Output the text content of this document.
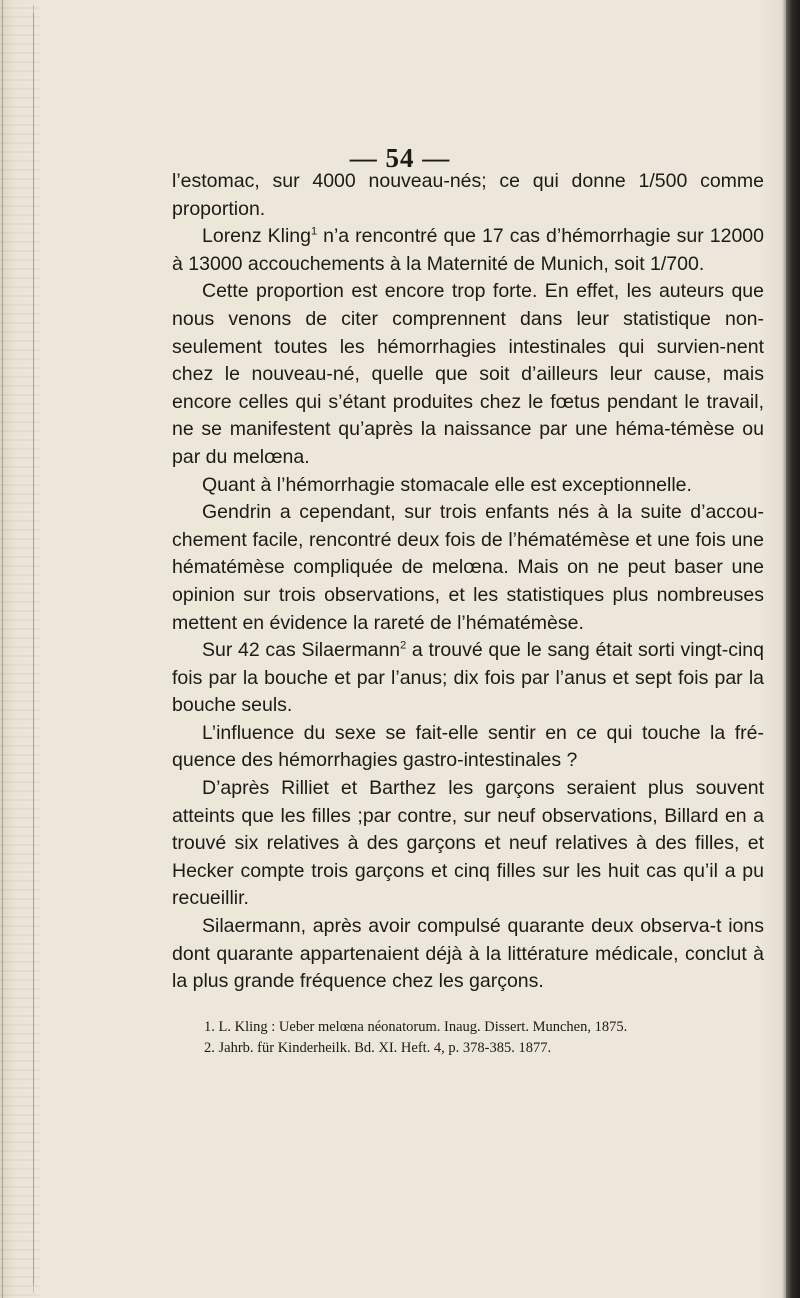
— 54 —

l’estomac, sur 4000 nouveau-nés; ce qui donne 1/500 comme proportion.

Lorenz Kling$^1$ n’a rencontré que 17 cas d’hémorrhagie sur 12000 à 13000 accouchements à la Maternité de Munich, soit 1/700.

Cette proportion est encore trop forte. En effet, les auteurs que nous venons de citer comprennent dans leur statistique non-seulement toutes les hémorrhagies intestinales qui survien-nent chez le nouveau-né, quelle que soit d’ailleurs leur cause, mais encore celles qui s’étant produites chez le fœtus pendant le travail, ne se manifestent qu’après la naissance par une héma-témèse ou par du melœna.

Quant à l’hémorrhagie stomacale elle est exceptionnelle.

Gendrin a cependant, sur trois enfants nés à la suite d’accou-chement facile, rencontré deux fois de l’hématémèse et une fois une hématémèse compliquée de melœna. Mais on ne peut baser une opinion sur trois observations, et les statistiques plus nombreuses mettent en évidence la rareté de l’hématémèse.

Sur 42 cas Silaermann$^2$ a trouvé que le sang était sorti vingt-cinq fois par la bouche et par l’anus; dix fois par l’anus et sept fois par la bouche seuls.

L’influence du sexe se fait-elle sentir en ce qui touche la fré-quence des hémorrhagies gastro-intestinales ?

D’après Rilliet et Barthez les garçons seraient plus souvent atteints que les filles ;par contre, sur neuf observations, Billard en a trouvé six relatives à des garçons et neuf relatives à des filles, et Hecker compte trois garçons et cinq filles sur les huit cas qu’il a pu recueillir.

Silaermann, après avoir compulsé quarante deux observa-t ions dont quarante appartenaient déjà à la littérature médicale, conclut à la plus grande fréquence chez les garçons.

1. L. Kling : Ueber melœna néonatorum. Inaug. Dissert. Munchen, 1875.
2. Jahrb. für Kinderheilk. Bd. XI. Heft. 4, p. 378-385. 1877.
